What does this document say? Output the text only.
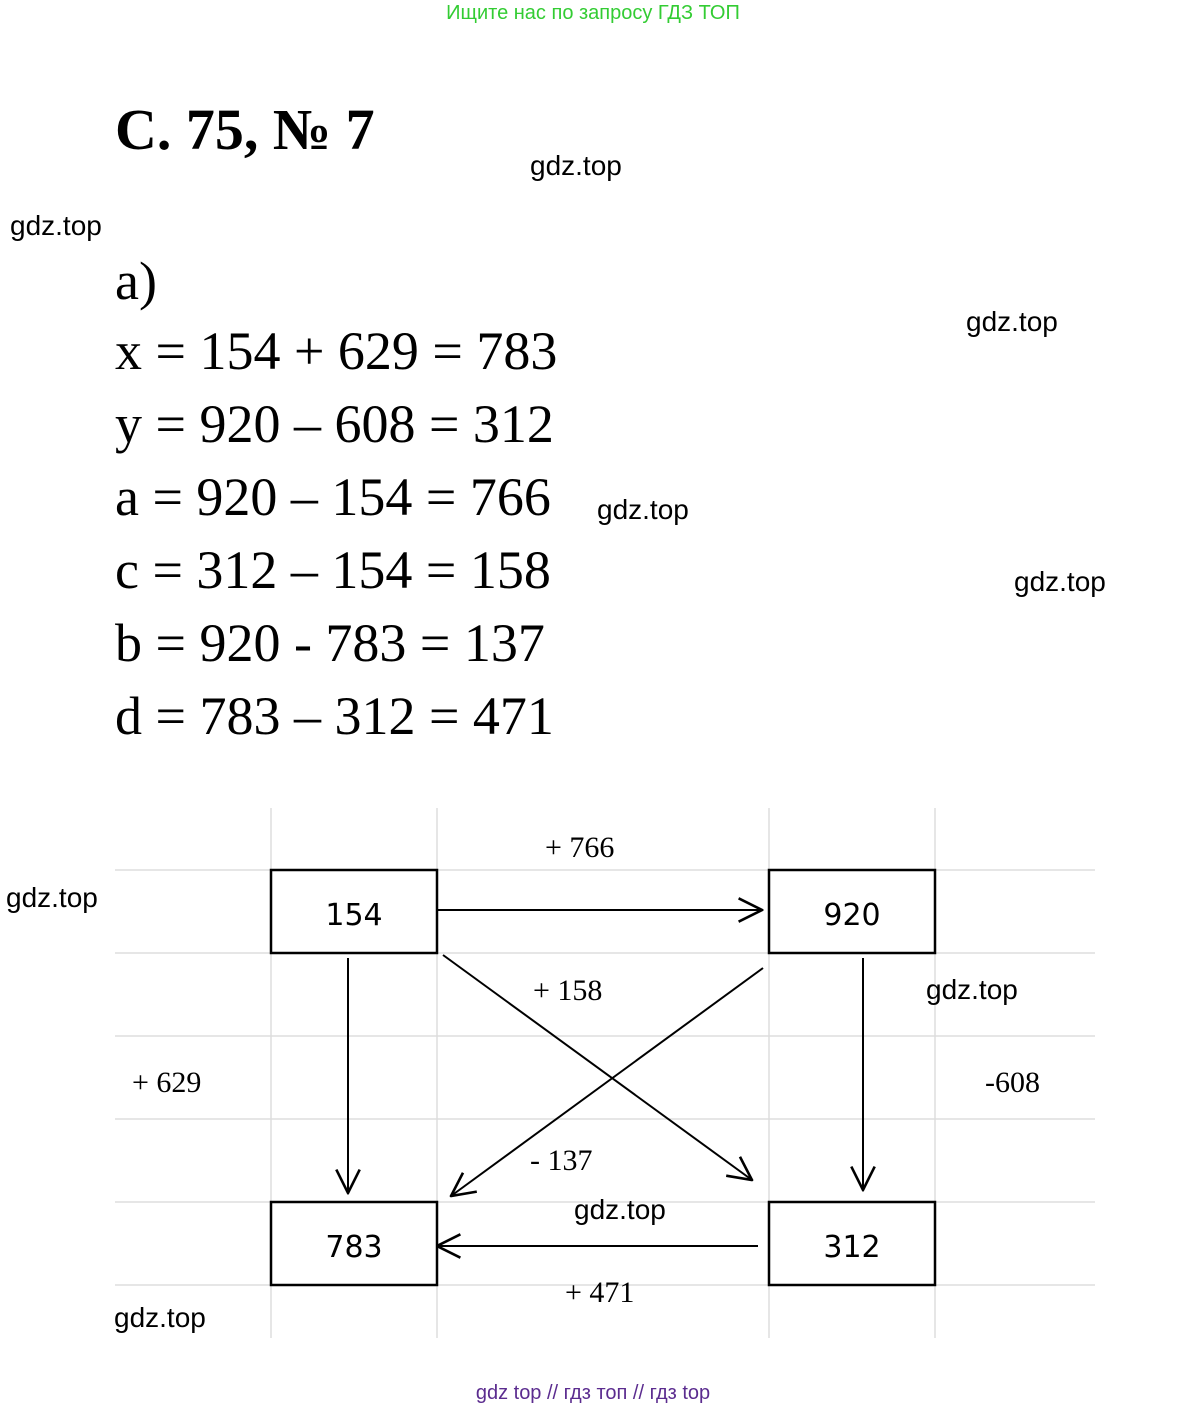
Ищите нас по запросу ГДЗ ТОП
С. 75, № 7
gdz.top
gdz.top
gdz.top
gdz.top
gdz.top
а)
x = 154 + 629 = 783
y = 920 – 608 = 312
a = 920 – 154 = 766
c = 312 – 154 = 158
b = 920 - 783 = 137
d = 783 – 312 = 471
154	920
783	312
+ 766
+ 629	-608
+ 158
- 137
+ 471
gdz.top
gdz.top
gdz.top
gdz.top
gdz top // гдз топ // гдз top
